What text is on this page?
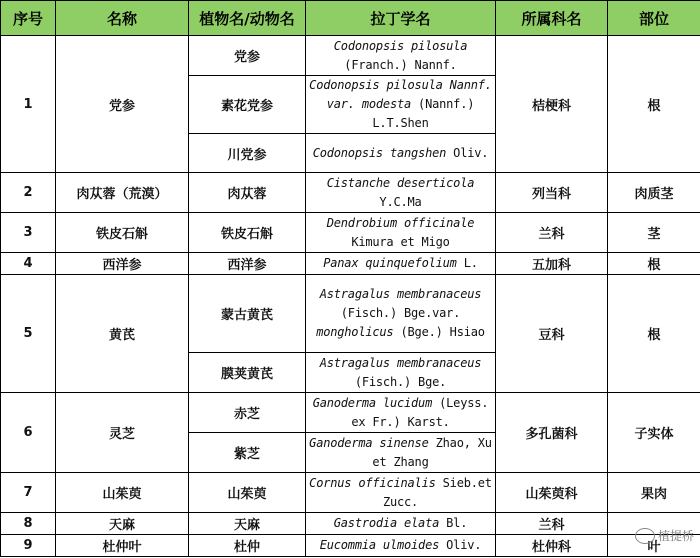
序号	名称	植物名/动物名	拉丁学名	所属科名	部位
1	党参	党参	Codonopsis pilosula (Franch.) Nannf.	桔梗科	根
		素花党参	Codonopsis pilosula Nannf. var. modesta (Nannf.) L.T.Shen		
		川党参	Codonopsis tangshen Oliv.		
2	肉苁蓉（荒漠）	肉苁蓉	Cistanche deserticola Y.C.Ma	列当科	肉质茎
3	铁皮石斛	铁皮石斛	Dendrobium officinale Kimura et Migo	兰科	茎
4	西洋参	西洋参	Panax quinquefolium L.	五加科	根
5	黄芪	蒙古黄芪	Astragalus membranaceus (Fisch.) Bge.var. mongholicus (Bge.) Hsiao	豆科	根
		膜荚黄芪	Astragalus membranaceus (Fisch.) Bge.		
6	灵芝	赤芝	Ganoderma lucidum (Leyss. ex Fr.) Karst.	多孔菌科	子实体
		紫芝	Ganoderma sinense Zhao, Xu et Zhang		
7	山茱萸	山茱萸	Cornus officinalis Sieb.et Zucc.	山茱萸科	果肉
8	天麻	天麻	Gastrodia elata Bl.	兰科	
9	杜仲叶	杜仲	Eucommia ulmoides Oliv.	杜仲科	叶
植提桥
